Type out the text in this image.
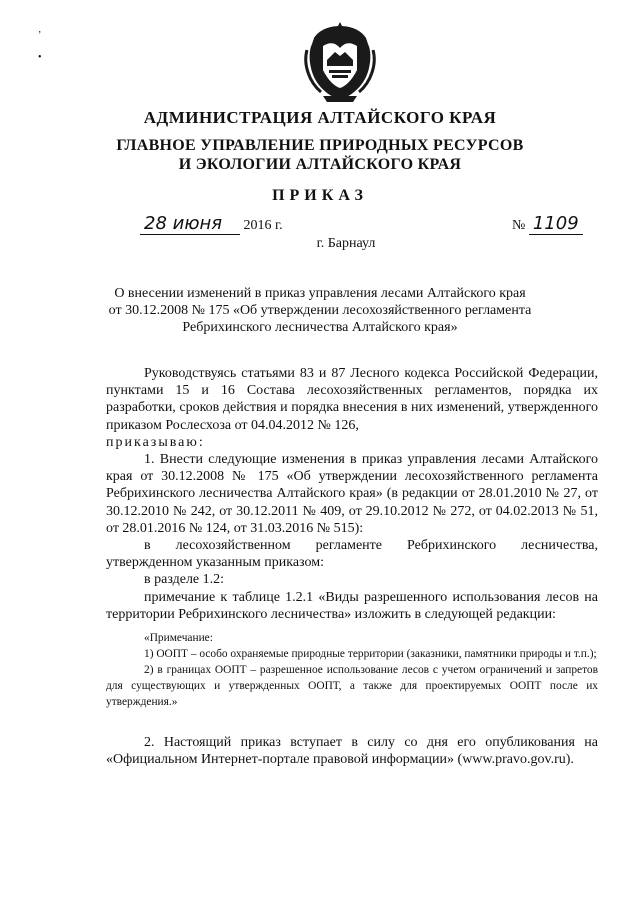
’
•
АДМИНИСТРАЦИЯ АЛТАЙСКОГО КРАЯ
ГЛАВНОЕ УПРАВЛЕНИЕ ПРИРОДНЫХ РЕСУРСОВ
И ЭКОЛОГИИ АЛТАЙСКОГО КРАЯ
ПРИКАЗ
28 июня 2016 г.	№ 1109
г. Барнаул
О внесении изменений в приказ управления лесами Алтайского края
от 30.12.2008 № 175 «Об утверждении лесохозяйственного регламента
Ребрихинского лесничества Алтайского края»

Руководствуясь статьями 83 и 87 Лесного кодекса Российской Федерации, пунктами 15 и 16 Состава лесохозяйственных регламентов, порядка их разработки, сроков действия и порядка внесения в них изменений, утвержденного приказом Рослесхоза от 04.04.2012 № 126,

приказываю:

1. Внести следующие изменения в приказ управления лесами Алтайского края от 30.12.2008 № 175 «Об утверждении лесохозяйственного регламента Ребрихинского лесничества Алтайского края» (в редакции от 28.01.2010 № 27, от 30.12.2010 № 242, от 30.12.2011 № 409, от 29.10.2012 № 272, от 04.02.2013 № 51, от 28.01.2016 № 124, от 31.03.2016 № 515):

в лесохозяйственном регламенте Ребрихинского лесничества, утвержденном указанным приказом:

в разделе 1.2:

примечание к таблице 1.2.1 «Виды разрешенного использования лесов на территории Ребрихинского лесничества» изложить в следующей редакции:

«Примечание:

1) ООПТ – особо охраняемые природные территории (заказники, памятники природы и т.п.);

2) в границах ООПТ – разрешенное использование лесов с учетом ограничений и запретов для существующих и утвержденных ООПТ, а также для проектируемых ООПТ после их утверждения.»

2. Настоящий приказ вступает в силу со дня его опубликования на «Официальном Интернет-портале правовой информации» (www.pravo.gov.ru).
